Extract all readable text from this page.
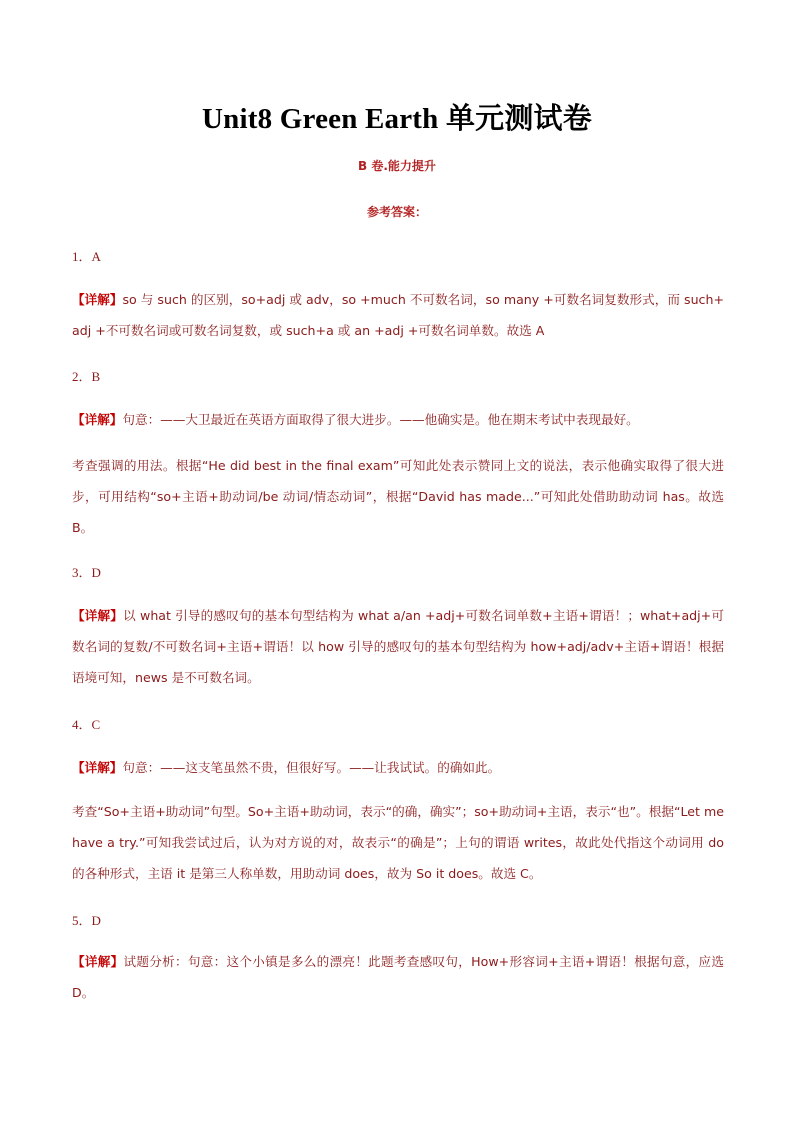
Unit8 Green Earth 单元测试卷
B 卷.能力提升
参考答案：
1．A
【详解】so 与 such 的区别，so+adj 或 adv，so +much 不可数名词，so many +可数名词复数形式，而 such+adj +不可数名词或可数名词复数，或 such+a 或 an +adj +可数名词单数。故选 A
2．B
【详解】句意：——大卫最近在英语方面取得了很大进步。——他确实是。他在期末考试中表现最好。
考查强调的用法。根据“He did best in the final exam”可知此处表示赞同上文的说法，表示他确实取得了很大进步，可用结构“so+主语+助动词/be 动词/情态动词”，根据“David has made...”可知此处借助助动词 has。故选 B。
3．D
【详解】以 what 引导的感叹句的基本句型结构为 what a/an +adj+可数名词单数+主语+谓语！；what+adj+可数名词的复数/不可数名词+主语+谓语！以 how 引导的感叹句的基本句型结构为 how+adj/adv+主语+谓语！根据语境可知，news 是不可数名词。
4．C
【详解】句意：——这支笔虽然不贵，但很好写。——让我试试。的确如此。
考查“So+主语+助动词”句型。So+主语+助动词，表示“的确，确实”；so+助动词+主语，表示“也”。根据“Let me have a try.”可知我尝试过后，认为对方说的对，故表示“的确是”；上句的谓语 writes，故此处代指这个动词用 do 的各种形式，主语 it 是第三人称单数，用助动词 does，故为 So it does。故选 C。
5．D
【详解】试题分析：句意：这个小镇是多么的漂亮！此题考查感叹句，How+形容词+主语+谓语！根据句意，应选D。
